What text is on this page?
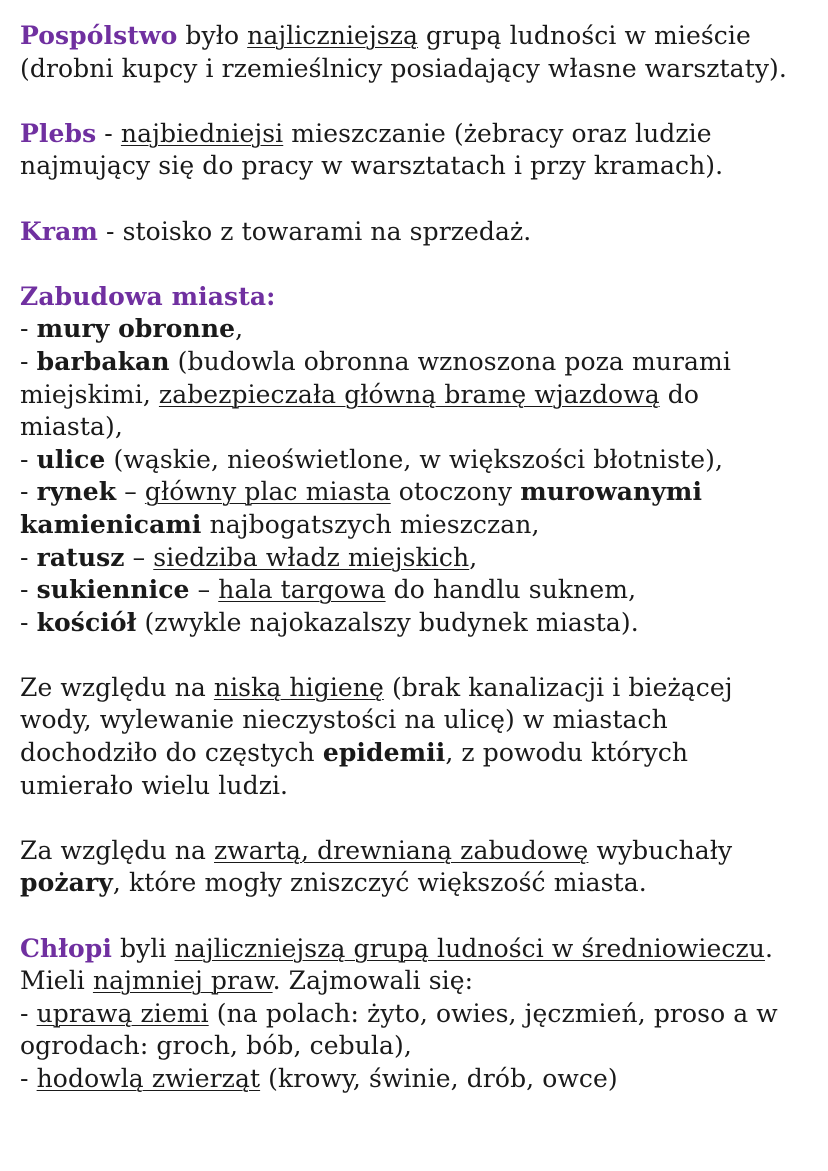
Pospólstwo było najliczniejszą grupą ludności w mieście (drobni kupcy i rzemieślnicy posiadający własne warsztaty).

Plebs - najbiedniejsi mieszczanie (żebracy oraz ludzie najmujący się do pracy w warsztatach i przy kramach).

Kram - stoisko z towarami na sprzedaż.

Zabudowa miasta:
- mury obronne,
- barbakan (budowla obronna wznoszona poza murami miejskimi, zabezpieczała główną bramę wjazdową do miasta),
- ulice (wąskie, nieoświetlone, w większości błotniste),
- rynek – główny plac miasta otoczony murowanymi kamienicami najbogatszych mieszczan,
- ratusz – siedziba władz miejskich,
- sukiennice – hala targowa do handlu suknem,
- kościół (zwykle najokazalszy budynek miasta).

Ze względu na niską higienę (brak kanalizacji i bieżącej wody, wylewanie nieczystości na ulicę) w miastach dochodziło do częstych epidemii, z powodu których umierało wielu ludzi.

Za względu na zwartą, drewnianą zabudowę wybuchały pożary, które mogły zniszczyć większość miasta.

Chłopi byli najliczniejszą grupą ludności w średniowieczu. Mieli najmniej praw. Zajmowali się:
- uprawą ziemi (na polach: żyto, owies, jęczmień, proso a w ogrodach: groch, bób, cebula),
- hodowlą zwierząt (krowy, świnie, drób, owce)
